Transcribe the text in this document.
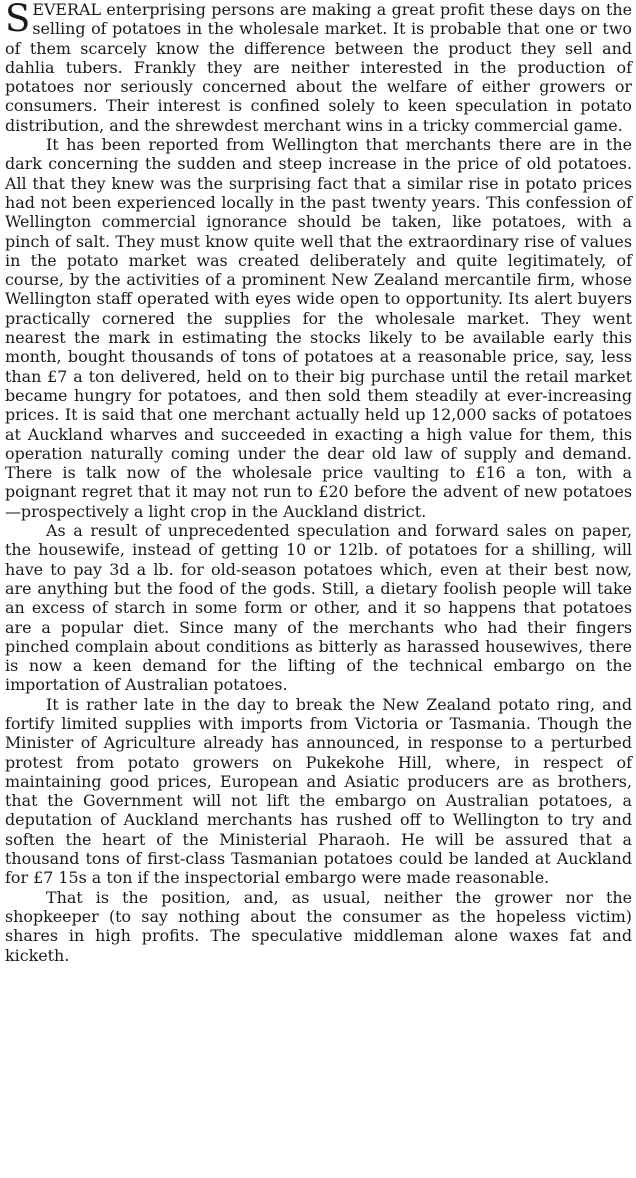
SEVERAL enterprising persons are making a great profit these days on the selling of potatoes in the wholesale market. It is probable that one or two of them scarcely know the difference between the product they sell and dahlia tubers. Frankly they are neither interested in the production of potatoes nor seriously concerned about the welfare of either growers or consumers. Their interest is confined solely to keen speculation in potato distribution, and the shrewdest merchant wins in a tricky commercial game.

It has been reported from Wellington that merchants there are in the dark concerning the sudden and steep increase in the price of old potatoes. All that they knew was the surprising fact that a similar rise in potato prices had not been experienced locally in the past twenty years. This confession of Wellington commercial ignorance should be taken, like potatoes, with a pinch of salt. They must know quite well that the extraordinary rise of values in the potato market was created deliberately and quite legitimately, of course, by the activities of a prominent New Zealand mercantile firm, whose Wellington staff operated with eyes wide open to opportunity. Its alert buyers practically cornered the supplies for the wholesale market. They went nearest the mark in estimating the stocks likely to be available early this month, bought thousands of tons of potatoes at a reasonable price, say, less than £7 a ton delivered, held on to their big purchase until the retail market became hungry for potatoes, and then sold them steadily at ever-increasing prices. It is said that one merchant actually held up 12,000 sacks of potatoes at Auckland wharves and succeeded in exacting a high value for them, this operation naturally coming under the dear old law of supply and demand. There is talk now of the wholesale price vaulting to £16 a ton, with a poignant regret that it may not run to £20 before the advent of new potatoes—prospectively a light crop in the Auckland district.

As a result of unprecedented speculation and forward sales on paper, the housewife, instead of getting 10 or 12lb. of potatoes for a shilling, will have to pay 3d a lb. for old-season potatoes which, even at their best now, are anything but the food of the gods. Still, a dietary foolish people will take an excess of starch in some form or other, and it so happens that potatoes are a popular diet. Since many of the merchants who had their fingers pinched complain about conditions as bitterly as harassed housewives, there is now a keen demand for the lifting of the technical embargo on the importation of Australian potatoes.

It is rather late in the day to break the New Zealand potato ring, and fortify limited supplies with imports from Victoria or Tasmania. Though the Minister of Agriculture already has announced, in response to a perturbed protest from potato growers on Pukekohe Hill, where, in respect of maintaining good prices, European and Asiatic producers are as brothers, that the Government will not lift the embargo on Australian potatoes, a deputation of Auckland merchants has rushed off to Wellington to try and soften the heart of the Ministerial Pharaoh. He will be assured that a thousand tons of first-class Tasmanian potatoes could be landed at Auckland for £7 15s a ton if the inspectorial embargo were made reasonable.

That is the position, and, as usual, neither the grower nor the shopkeeper (to say nothing about the consumer as the hopeless victim) shares in high profits. The speculative middleman alone waxes fat and kicketh.
